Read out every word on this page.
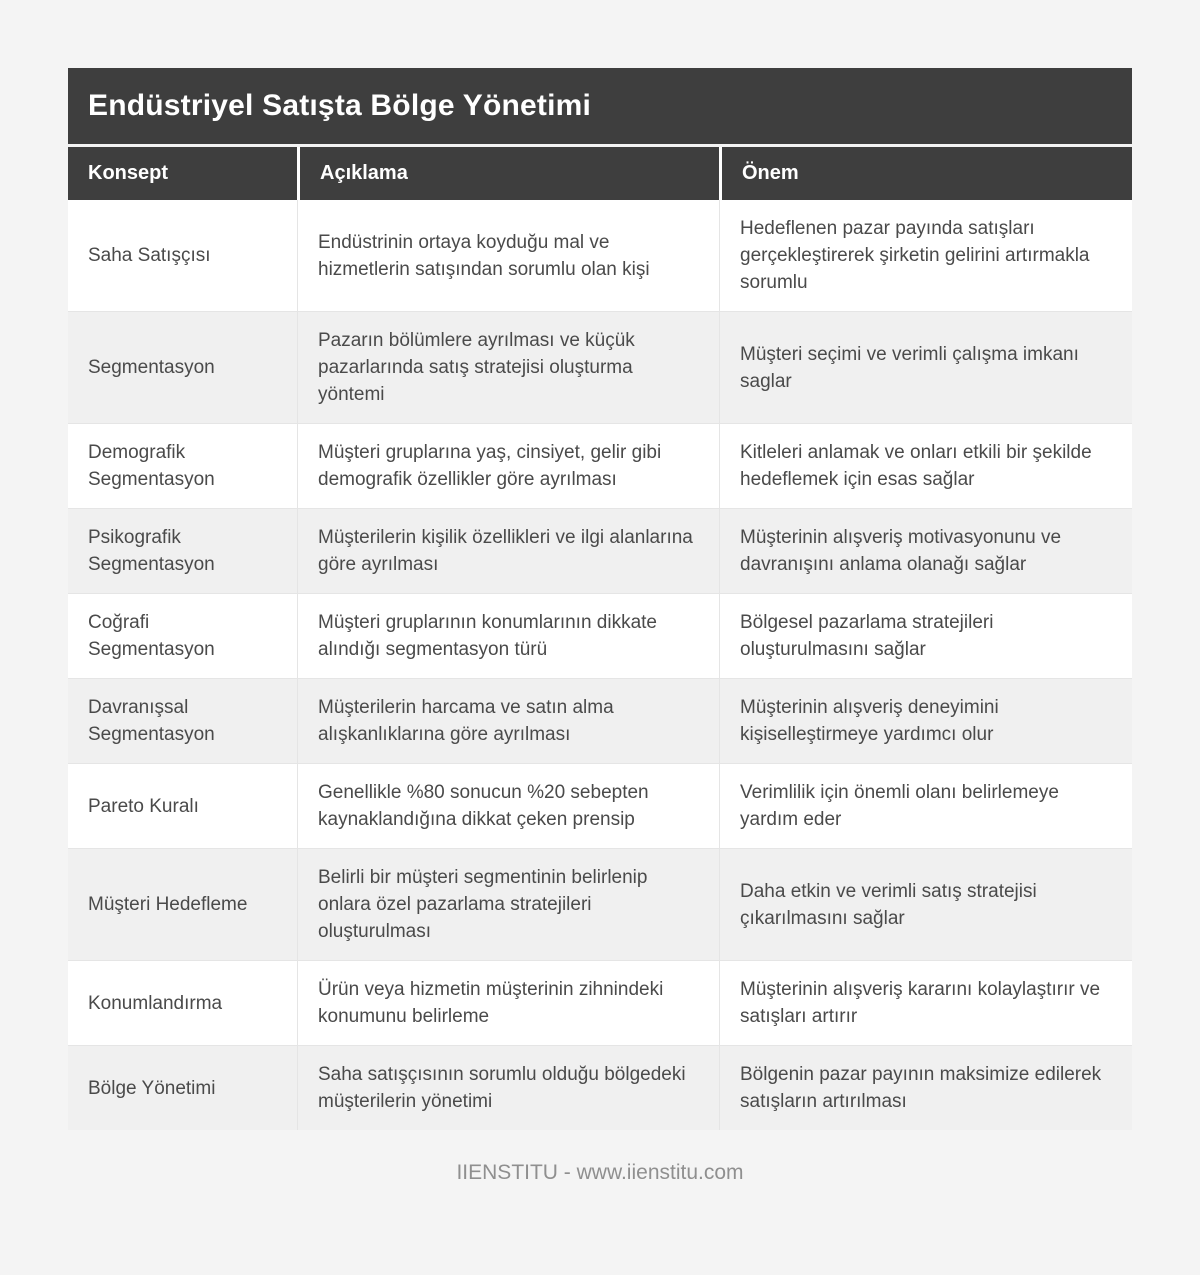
Endüstriyel Satışta Bölge Yönetimi
Konsept	Açıklama	Önem
Saha Satışçısı	Endüstrinin ortaya koyduğu mal ve hizmetlerin satışından sorumlu olan kişi	Hedeflenen pazar payında satışları gerçekleştirerek şirketin gelirini artırmakla sorumlu
Segmentasyon	Pazarın bölümlere ayrılması ve küçük pazarlarında satış stratejisi oluşturma yöntemi	Müşteri seçimi ve verimli çalışma imkanı saglar
Demografik Segmentasyon	Müşteri gruplarına yaş, cinsiyet, gelir gibi demografik özellikler göre ayrılması	Kitleleri anlamak ve onları etkili bir şekilde hedeflemek için esas sağlar
Psikografik Segmentasyon	Müşterilerin kişilik özellikleri ve ilgi alanlarına göre ayrılması	Müşterinin alışveriş motivasyonunu ve davranışını anlama olanağı sağlar
Coğrafi Segmentasyon	Müşteri gruplarının konumlarının dikkate alındığı segmentasyon türü	Bölgesel pazarlama stratejileri oluşturulmasını sağlar
Davranışsal Segmentasyon	Müşterilerin harcama ve satın alma alışkanlıklarına göre ayrılması	Müşterinin alışveriş deneyimini kişiselleştirmeye yardımcı olur
Pareto Kuralı	Genellikle %80 sonucun %20 sebepten kaynaklandığına dikkat çeken prensip	Verimlilik için önemli olanı belirlemeye yardım eder
Müşteri Hedefleme	Belirli bir müşteri segmentinin belirlenip onlara özel pazarlama stratejileri oluşturulması	Daha etkin ve verimli satış stratejisi çıkarılmasını sağlar
Konumlandırma	Ürün veya hizmetin müşterinin zihnindeki konumunu belirleme	Müşterinin alışveriş kararını kolaylaştırır ve satışları artırır
Bölge Yönetimi	Saha satışçısının sorumlu olduğu bölgedeki müşterilerin yönetimi	Bölgenin pazar payının maksimize edilerek satışların artırılması
IIENSTITU - www.iienstitu.com
